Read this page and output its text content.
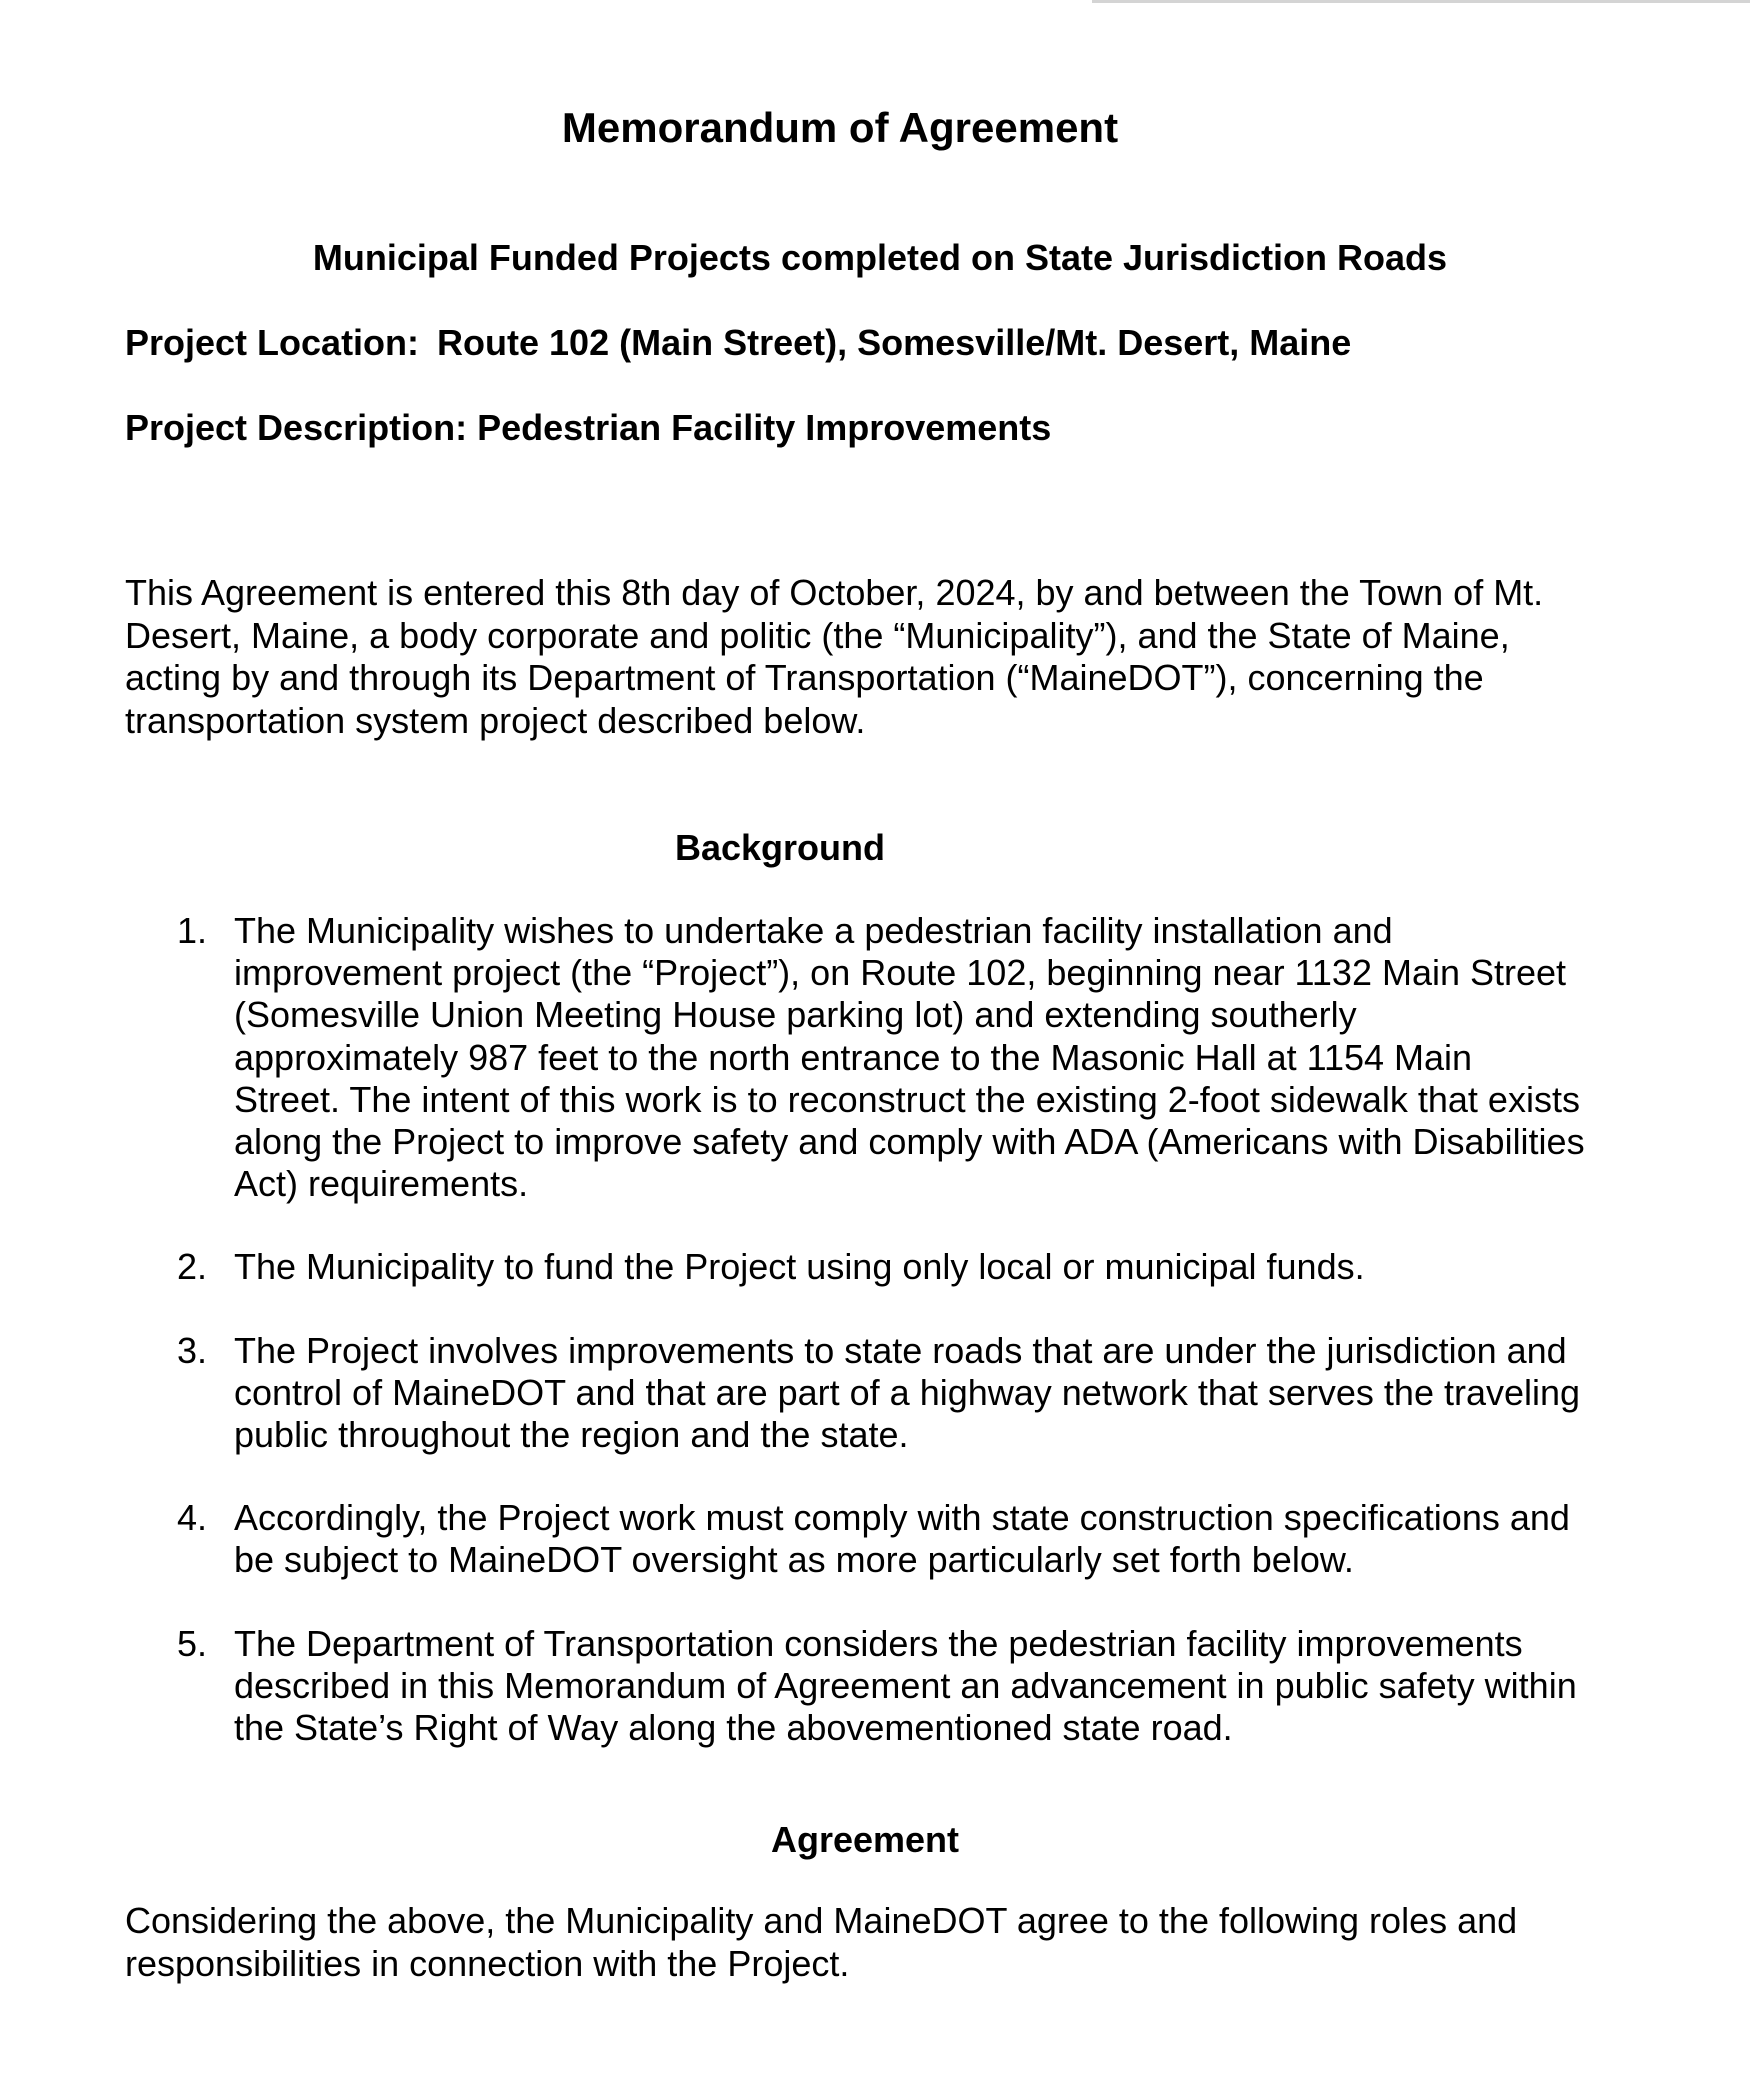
Memorandum of Agreement
Municipal Funded Projects completed on State Jurisdiction Roads

Project Location: Route 102 (Main Street), Somesville/Mt. Desert, Maine

Project Description: Pedestrian Facility Improvements

This Agreement is entered this 8th day of October, 2024, by and between the Town of Mt. Desert, Maine, a body corporate and politic (the “Municipality”), and the State of Maine, acting by and through its Department of Transportation (“MaineDOT”), concerning the transportation system project described below.

Background
1. The Municipality wishes to undertake a pedestrian facility installation and improvement project (the “Project”), on Route 102, beginning near 1132 Main Street (Somesville Union Meeting House parking lot) and extending southerly approximately 987 feet to the north entrance to the Masonic Hall at 1154 Main Street. The intent of this work is to reconstruct the existing 2-foot sidewalk that exists along the Project to improve safety and comply with ADA (Americans with Disabilities Act) requirements.
2. The Municipality to fund the Project using only local or municipal funds.
3. The Project involves improvements to state roads that are under the jurisdiction and control of MaineDOT and that are part of a highway network that serves the traveling public throughout the region and the state.
4. Accordingly, the Project work must comply with state construction specifications and be subject to MaineDOT oversight as more particularly set forth below.
5. The Department of Transportation considers the pedestrian facility improvements described in this Memorandum of Agreement an advancement in public safety within the State’s Right of Way along the abovementioned state road.
Agreement

Considering the above, the Municipality and MaineDOT agree to the following roles and responsibilities in connection with the Project.
